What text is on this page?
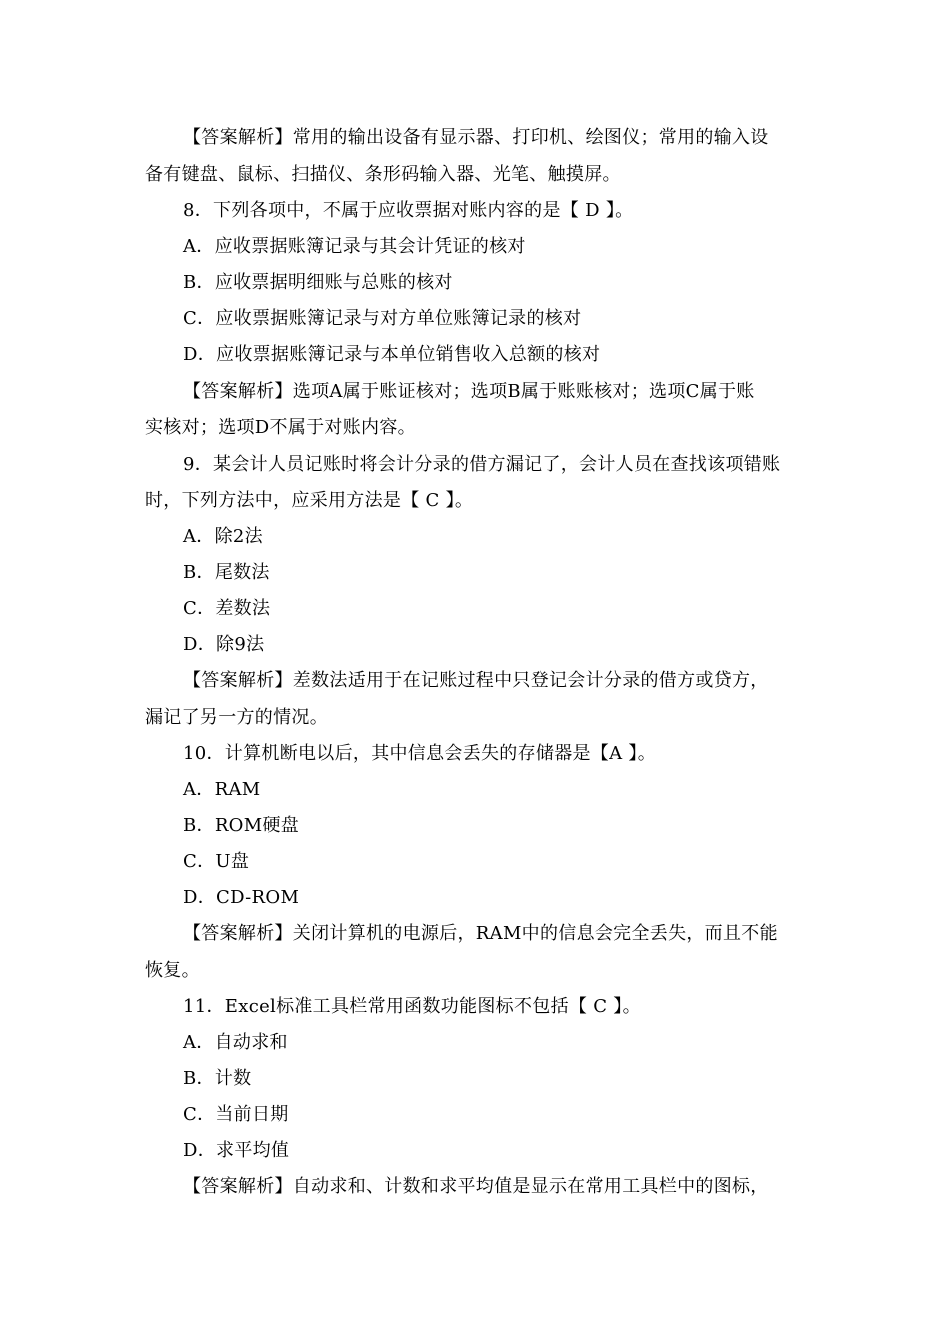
【答案解析】常用的输出设备有显示器、打印机、绘图仪；常用的输入设
备有键盘、鼠标、扫描仪、条形码输入器、光笔、触摸屏。
8．下列各项中，不属于应收票据对账内容的是【 D 】。
A．应收票据账簿记录与其会计凭证的核对
B．应收票据明细账与总账的核对
C．应收票据账簿记录与对方单位账簿记录的核对
D．应收票据账簿记录与本单位销售收入总额的核对
【答案解析】选项A属于账证核对；选项B属于账账核对；选项C属于账
实核对；选项D不属于对账内容。
9．某会计人员记账时将会计分录的借方漏记了，会计人员在查找该项错账
时，下列方法中，应采用方法是【 C 】。
A．除2法
B．尾数法
C．差数法
D．除9法
【答案解析】差数法适用于在记账过程中只登记会计分录的借方或贷方，
漏记了另一方的情况。
10．计算机断电以后，其中信息会丢失的存储器是【A 】。
A．RAM
B．ROM硬盘
C．U盘
D．CD-ROM
【答案解析】关闭计算机的电源后，RAM中的信息会完全丢失，而且不能
恢复。
11．Excel标准工具栏常用函数功能图标不包括【 C 】。
A．自动求和
B．计数
C．当前日期
D．求平均值
【答案解析】自动求和、计数和求平均值是显示在常用工具栏中的图标，
